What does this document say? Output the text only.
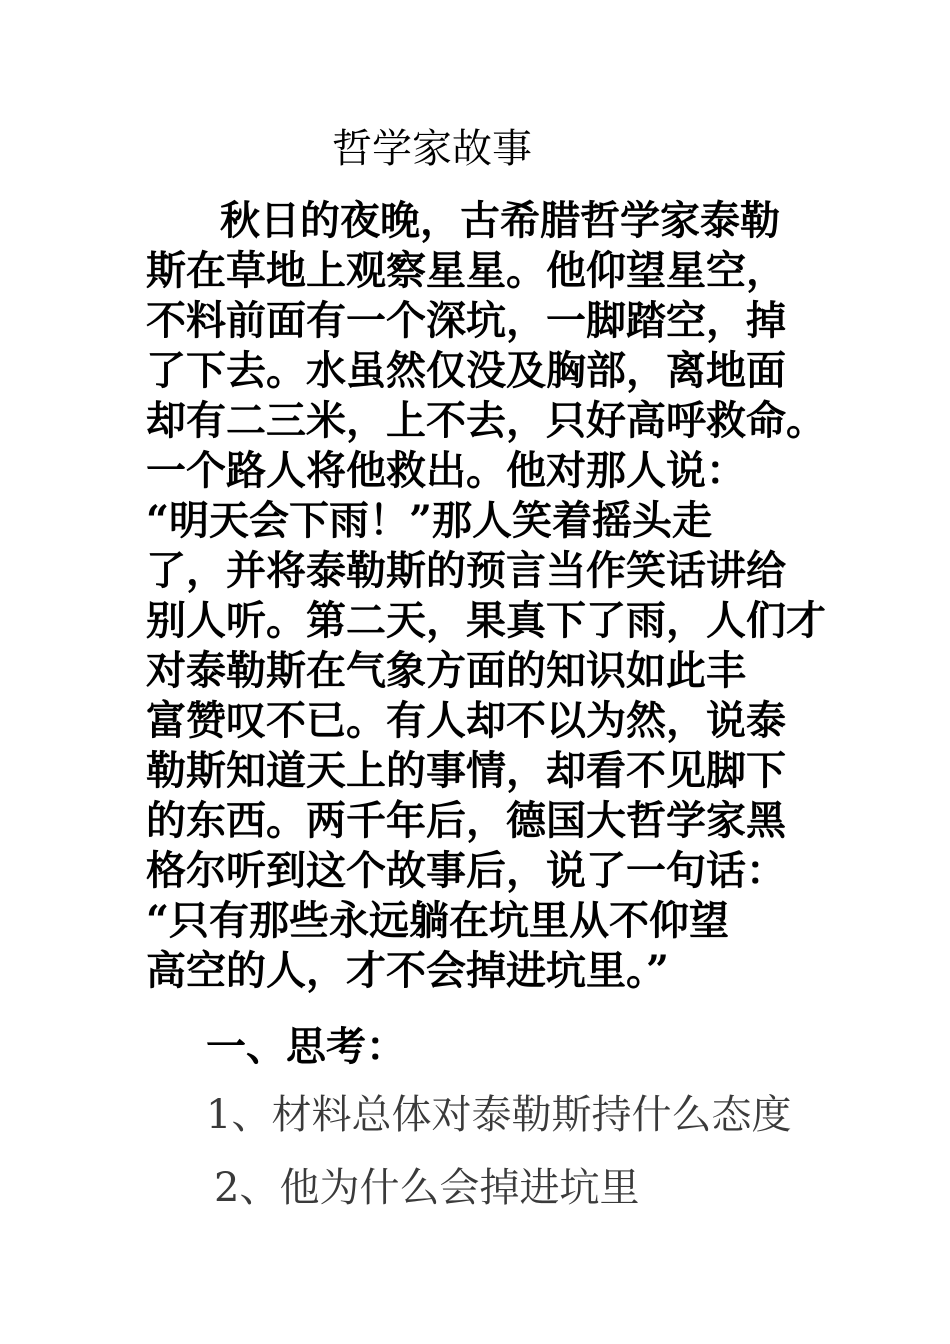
哲学家故事
秋日的夜晚，古希腊哲学家泰勒
斯在草地上观察星星。他仰望星空，
不料前面有一个深坑，一脚踏空，掉
了下去。水虽然仅没及胸部，离地面
却有二三米，上不去，只好高呼救命。
一个路人将他救出。他对那人说：
“明天会下雨！”那人笑着摇头走
了，并将泰勒斯的预言当作笑话讲给
别人听。第二天，果真下了雨，人们才
对泰勒斯在气象方面的知识如此丰
富赞叹不已。有人却不以为然，说泰
勒斯知道天上的事情，却看不见脚下
的东西。两千年后，德国大哲学家黑
格尔听到这个故事后，说了一句话：
“只有那些永远躺在坑里从不仰望
高空的人，才不会掉进坑里。”
一、思考：
1、材料总体对泰勒斯持什么态度
2、他为什么会掉进坑里
